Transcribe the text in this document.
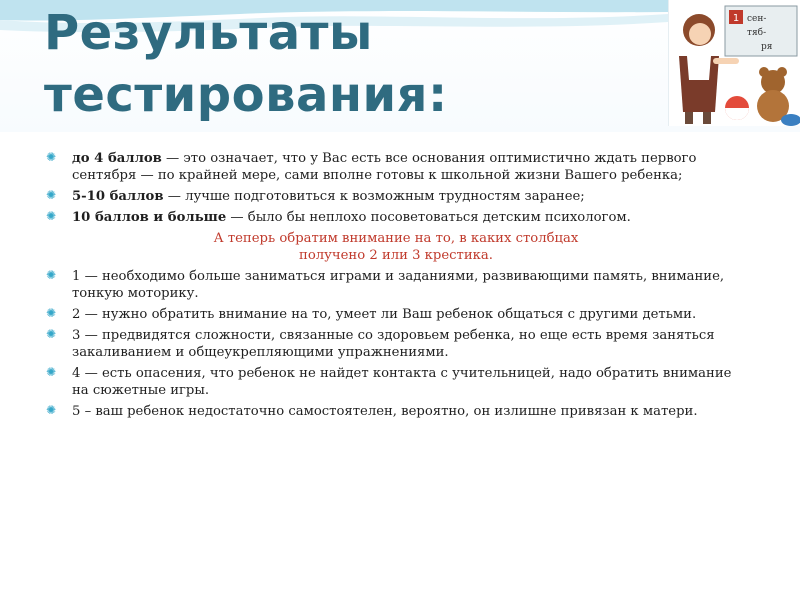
Результаты
тестирования:
1 сен-
тяб-
ря
✺ до 4 баллов — это означает, что у Вас есть все основания оптимистично ждать первого сентября — по крайней мере, сами вполне готовы к школьной жизни Вашего ребенка;
✺ 5-10 баллов — лучше подготовиться к возможным трудностям заранее;
✺ 10 баллов и больше — было бы неплохо посоветоваться детским психологом.
А теперь обратим внимание на то, в каких столбцах
получено 2 или 3 крестика.
✺ 1 — необходимо больше заниматься играми и заданиями, развивающими память, внимание, тонкую моторику.
✺ 2 — нужно обратить внимание на то, умеет ли Ваш ребенок общаться с другими детьми.
✺ 3 — предвидятся сложности, связанные со здоровьем ребенка, но еще есть время заняться закаливанием и общеукрепляющими упражнениями.
✺ 4 — есть опасения, что ребенок не найдет контакта с учительницей, надо обратить внимание на сюжетные игры.
✺ 5 – ваш ребенок недостаточно самостоятелен, вероятно, он излишне привязан к матери.
